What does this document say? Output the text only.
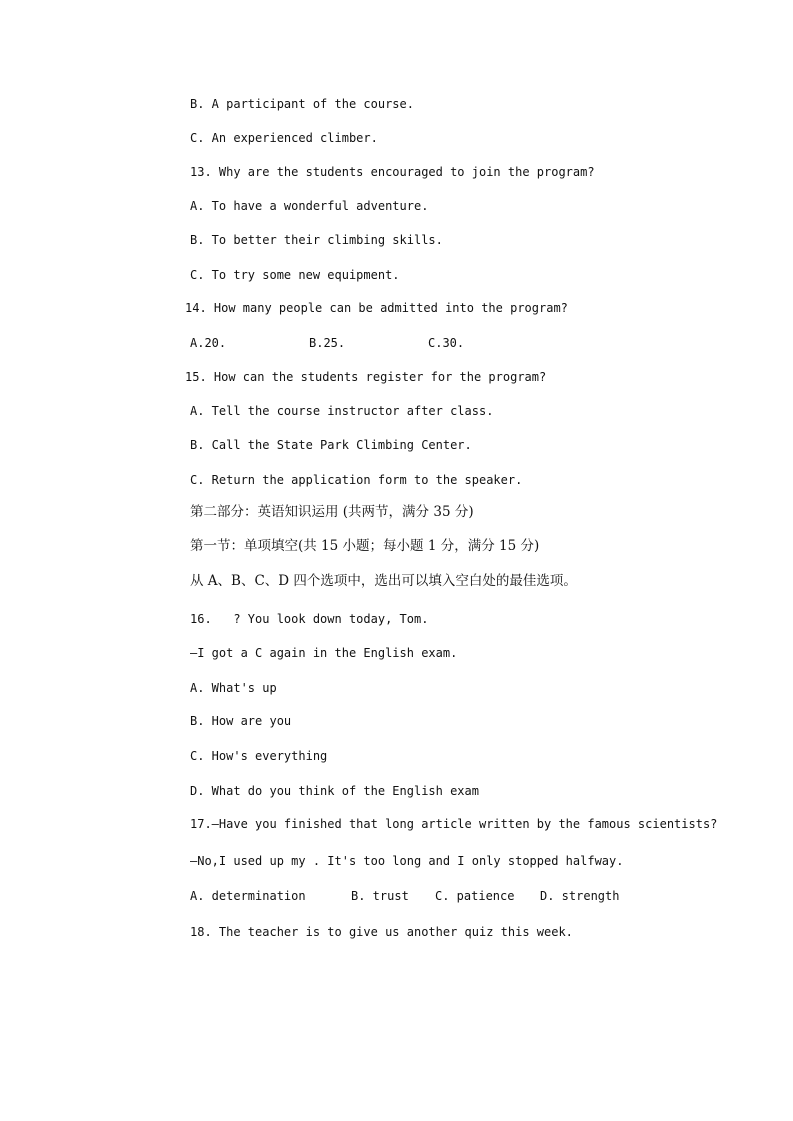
B. A participant of the course.
C. An experienced climber.
13. Why are the students encouraged to join the program?
A. To have a wonderful adventure.
B. To better their climbing skills.
C. To try some new equipment.
14. How many people can be admitted into the program?
A.20.	B.25.	C.30.
15. How can the students register for the program?
A. Tell the course instructor after class.
B. Call the State Park Climbing Center.
C. Return the application form to the speaker.
第二部分：英语知识运用 (共两节，满分 35 分)
第一节：单项填空(共 15 小题；每小题 1 分，满分 15 分)
从 A、B、C、D 四个选项中，选出可以填入空白处的最佳选项。
16.   ? You look down today, Tom.
—I got a C again in the English exam.
A. What's up
B. How are you
C. How's everything
D. What do you think of the English exam
17.—Have you finished that long article written by the famous scientists?
—No,I used up my . It's too long and I only stopped halfway.
A. determination	B. trust C. patience D. strength
18. The teacher is to give us another quiz this week.
